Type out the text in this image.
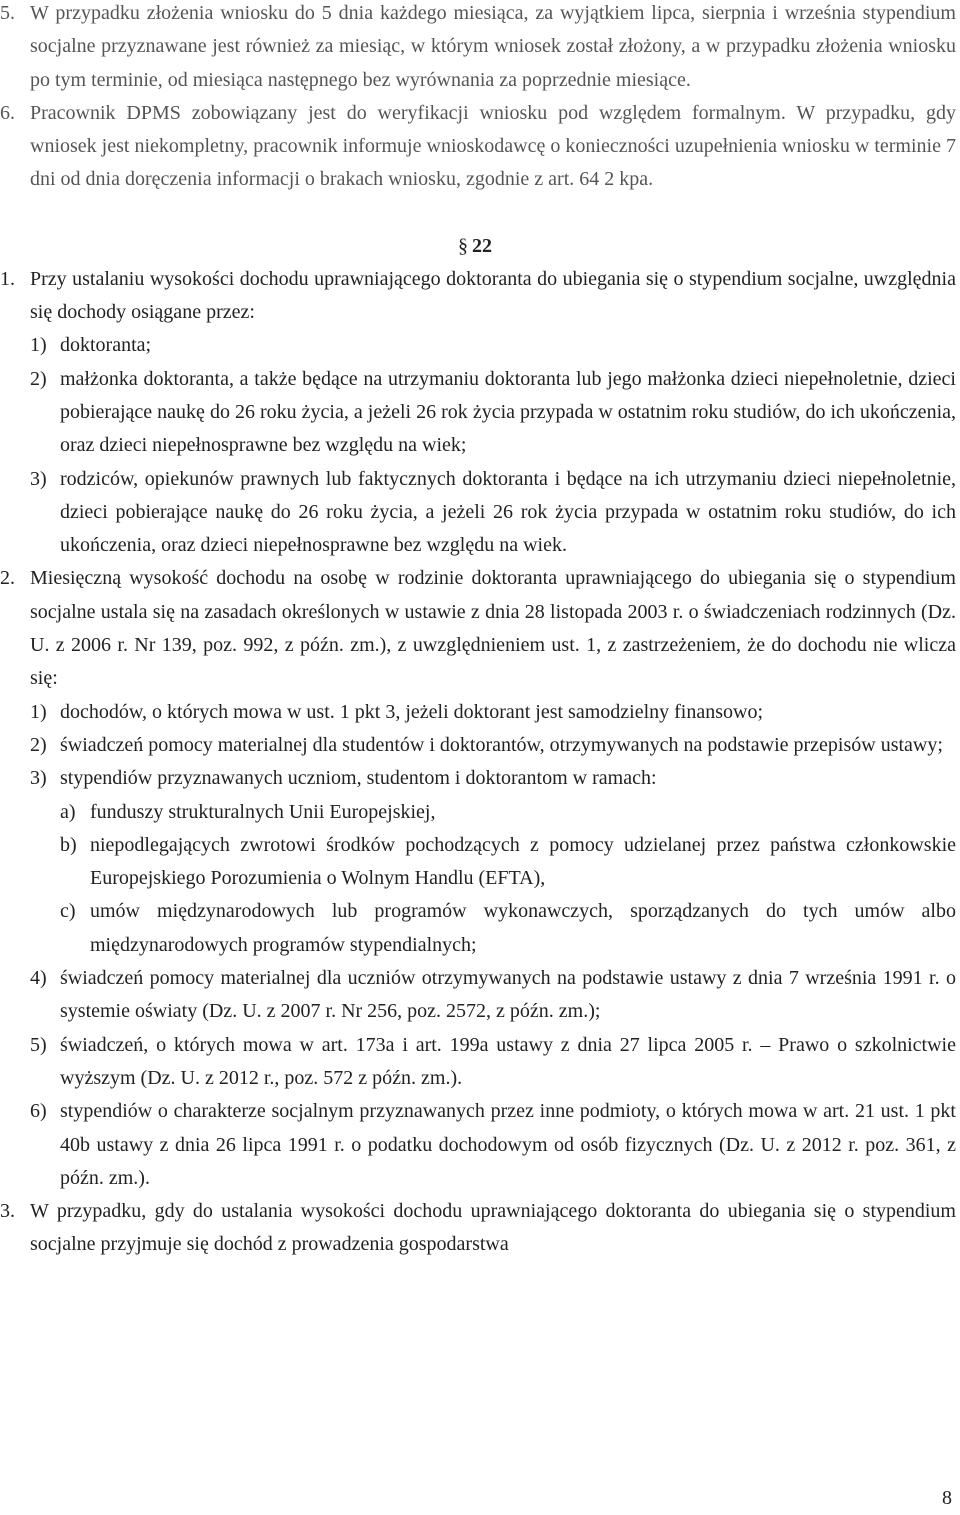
5. W przypadku złożenia wniosku do 5 dnia każdego miesiąca, za wyjątkiem lipca, sierpnia i września stypendium socjalne przyznawane jest również za miesiąc, w którym wniosek został złożony, a w przypadku złożenia wniosku po tym terminie, od miesiąca następnego bez wyrównania za poprzednie miesiące.
6. Pracownik DPMS zobowiązany jest do weryfikacji wniosku pod względem formalnym. W przypadku, gdy wniosek jest niekompletny, pracownik informuje wnioskodawcę o konieczności uzupełnienia wniosku w terminie 7 dni od dnia doręczenia informacji o brakach wniosku, zgodnie z art. 64 2 kpa.
§ 22
1. Przy ustalaniu wysokości dochodu uprawniającego doktoranta do ubiegania się o stypendium socjalne, uwzględnia się dochody osiągane przez:
1) doktoranta;
2) małżonka doktoranta, a także będące na utrzymaniu doktoranta lub jego małżonka dzieci niepełnoletnie, dzieci pobierające naukę do 26 roku życia, a jeżeli 26 rok życia przypada w ostatnim roku studiów, do ich ukończenia, oraz dzieci niepełnosprawne bez względu na wiek;
3) rodziców, opiekunów prawnych lub faktycznych doktoranta i będące na ich utrzymaniu dzieci niepełnoletnie, dzieci pobierające naukę do 26 roku życia, a jeżeli 26 rok życia przypada w ostatnim roku studiów, do ich ukończenia, oraz dzieci niepełnosprawne bez względu na wiek.
2. Miesięczną wysokość dochodu na osobę w rodzinie doktoranta uprawniającego do ubiegania się o stypendium socjalne ustala się na zasadach określonych w ustawie z dnia 28 listopada 2003 r. o świadczeniach rodzinnych (Dz. U. z 2006 r. Nr 139, poz. 992, z późn. zm.), z uwzględnieniem ust. 1, z zastrzeżeniem, że do dochodu nie wlicza się:
1) dochodów, o których mowa w ust. 1 pkt 3, jeżeli doktorant jest samodzielny finansowo;
2) świadczeń pomocy materialnej dla studentów i doktorantów, otrzymywanych na podstawie przepisów ustawy;
3) stypendiów przyznawanych uczniom, studentom i doktorantom w ramach:
a) funduszy strukturalnych Unii Europejskiej,
b) niepodlegających zwrotowi środków pochodzących z pomocy udzielanej przez państwa członkowskie Europejskiego Porozumienia o Wolnym Handlu (EFTA),
c) umów międzynarodowych lub programów wykonawczych, sporządzanych do tych umów albo międzynarodowych programów stypendialnych;
4) świadczeń pomocy materialnej dla uczniów otrzymywanych na podstawie ustawy z dnia 7 września 1991 r. o systemie oświaty (Dz. U. z 2007 r. Nr 256, poz. 2572, z późn. zm.);
5) świadczeń, o których mowa w art. 173a i art. 199a ustawy z dnia 27 lipca 2005 r. – Prawo o szkolnictwie wyższym (Dz. U. z 2012 r., poz. 572 z późn. zm.).
6) stypendiów o charakterze socjalnym przyznawanych przez inne podmioty, o których mowa w art. 21 ust. 1 pkt 40b ustawy z dnia 26 lipca 1991 r. o podatku dochodowym od osób fizycznych (Dz. U. z 2012 r. poz. 361, z późn. zm.).
3. W przypadku, gdy do ustalania wysokości dochodu uprawniającego doktoranta do ubiegania się o stypendium socjalne przyjmuje się dochód z prowadzenia gospodarstwa
8
